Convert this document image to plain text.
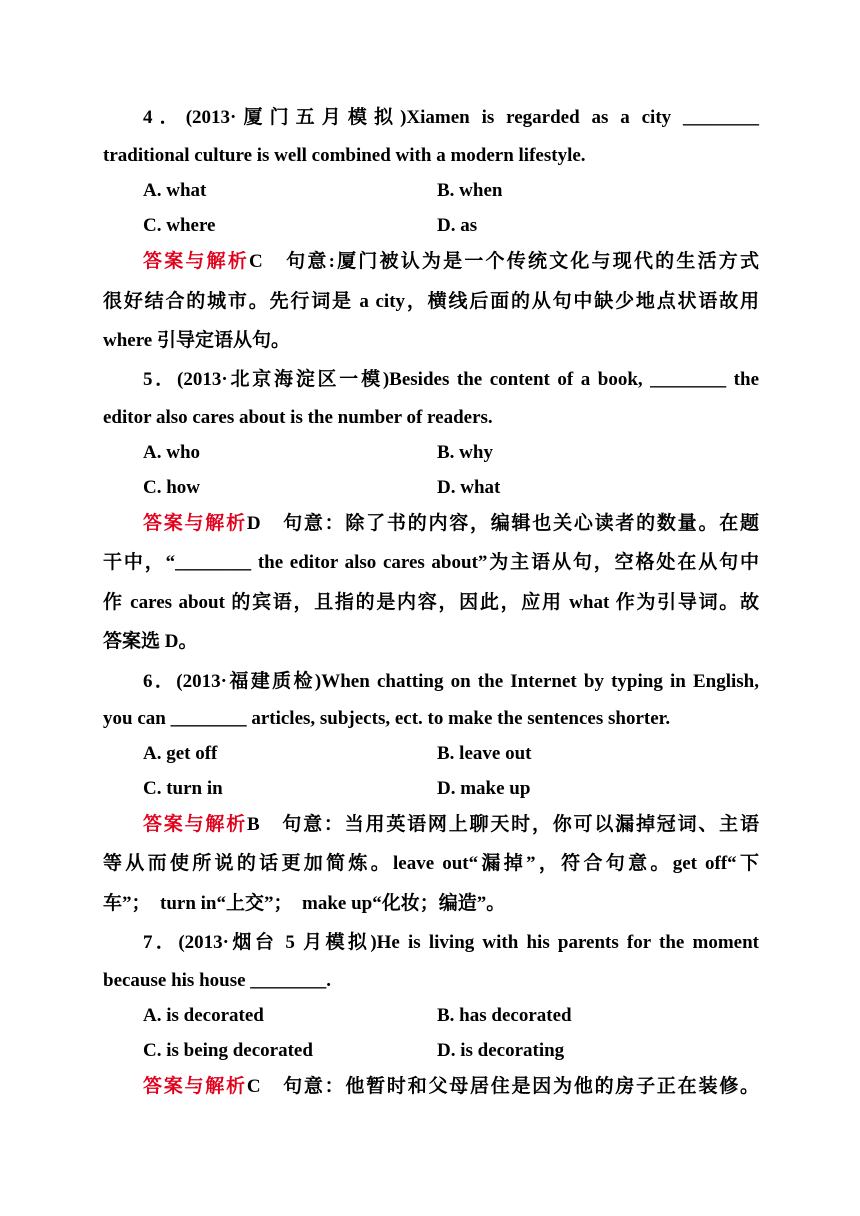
4．(2013·厦门五月模拟)Xiamen is regarded as a city ________
traditional culture is well combined with a modern lifestyle.
A. what	B. when
C. where	D. as
答案与解析C　句意:厦门被认为是一个传统文化与现代的生活方式
很好结合的城市。先行词是 a city，横线后面的从句中缺少地点状语故用
where 引导定语从句。
5．(2013·北京海淀区一模)Besides the content of a book, ________ the
editor also cares about is the number of readers.
A. who	B. why
C. how	D. what
答案与解析D　句意：除了书的内容，编辑也关心读者的数量。在题
干中，“________ the editor also cares about”为主语从句，空格处在从句中
作 cares about 的宾语，且指的是内容，因此，应用 what 作为引导词。故
答案选 D。
6．(2013·福建质检)When chatting on the Internet by typing in English,
you can ________ articles, subjects, ect. to make the sentences shorter.
A. get off	B. leave out
C. turn in	D. make up
答案与解析B　句意：当用英语网上聊天时，你可以漏掉冠词、主语
等从而使所说的话更加简炼。leave out“漏掉”，符合句意。get off“下
车”；　turn in“上交”；　make up“化妆；编造”。
7．(2013·烟台 5 月模拟)He is living with his parents for the moment
because his house ________.
A. is decorated	B. has decorated
C. is being decorated	D. is decorating
答案与解析C　句意：他暂时和父母居住是因为他的房子正在装修。
